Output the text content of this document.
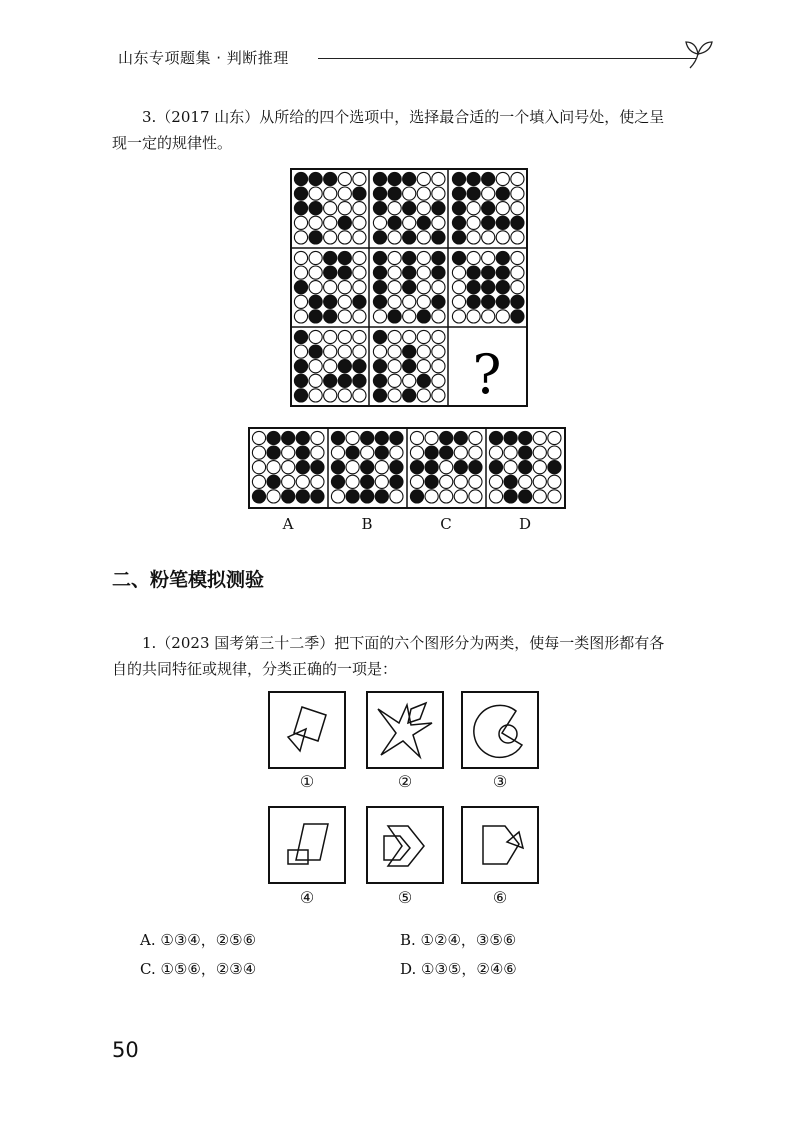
山东专项题集 · 判断推理
3.（2017 山东）从所给的四个选项中，选择最合适的一个填入问号处，使之呈
现一定的规律性。
?
A	B	C	D
二、粉笔模拟测验
1.（2023 国考第三十二季）把下面的六个图形分为两类，使每一类图形都有各
自的共同特征或规律，分类正确的一项是：
①	②	③
④	⑤	⑥
A. ①③④，②⑤⑥	B. ①②④，③⑤⑥
C. ①⑤⑥，②③④	D. ①③⑤，②④⑥
50
